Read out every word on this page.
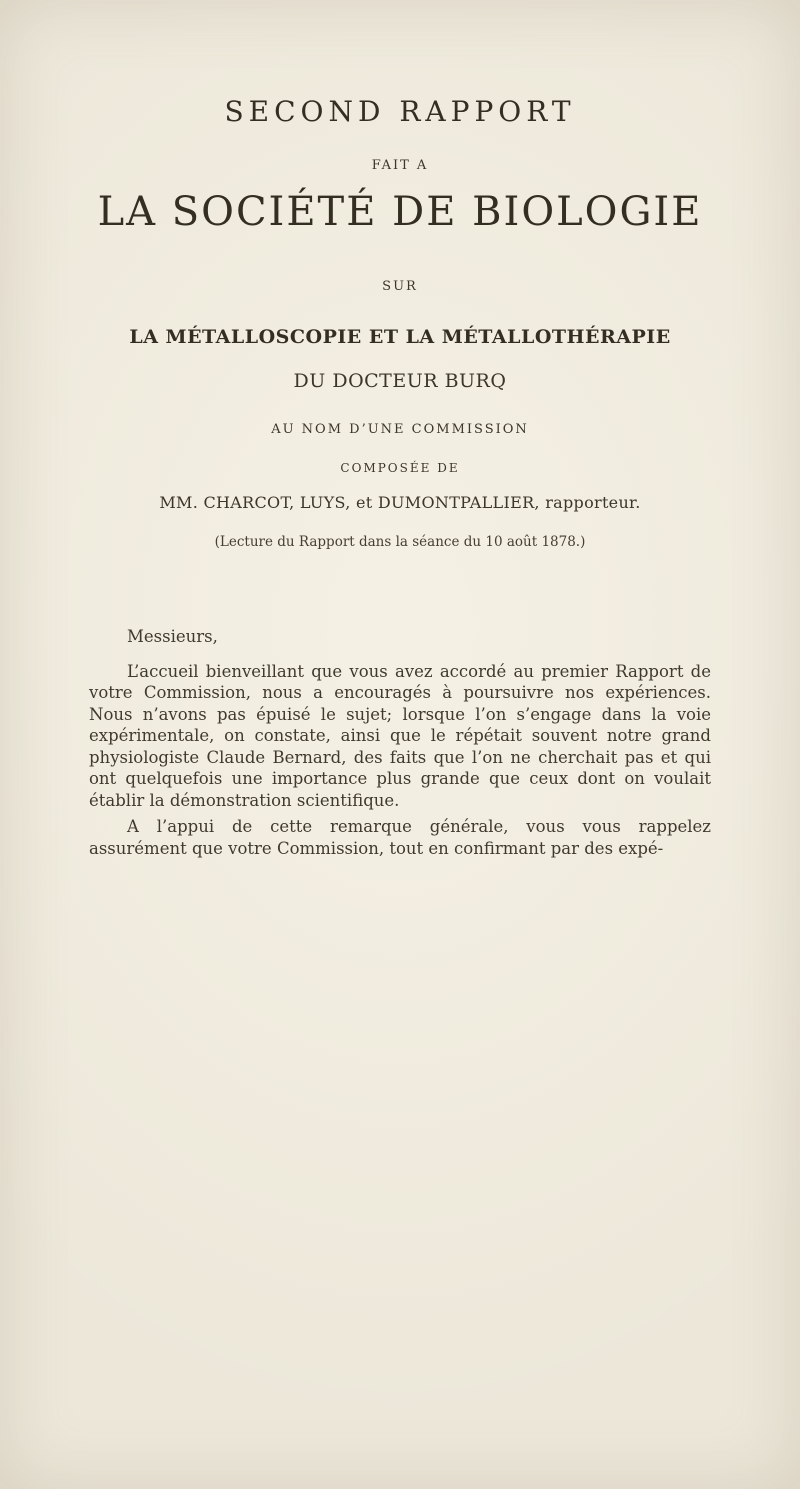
SECOND RAPPORT
FAIT A
LA SOCIÉTÉ DE BIOLOGIE
SUR
LA MÉTALLOSCOPIE ET LA MÉTALLOTHÉRAPIE
DU DOCTEUR BURQ
AU NOM D’UNE COMMISSION
COMPOSÉE DE
MM. CHARCOT, LUYS, et DUMONTPALLIER, rapporteur.
(Lecture du Rapport dans la séance du 10 août 1878.)
Messieurs,

L’accueil bienveillant que vous avez accordé au premier Rapport de votre Commission, nous a encouragés à poursuivre nos expériences. Nous n’avons pas épuisé le sujet; lorsque l’on s’engage dans la voie expérimentale, on constate, ainsi que le répétait souvent notre grand physiologiste Claude Bernard, des faits que l’on ne cherchait pas et qui ont quelquefois une importance plus grande que ceux dont on voulait établir la démonstration scientifique.

A l’appui de cette remarque générale, vous vous rappelez assurément que votre Commission, tout en confirmant par des expé-
